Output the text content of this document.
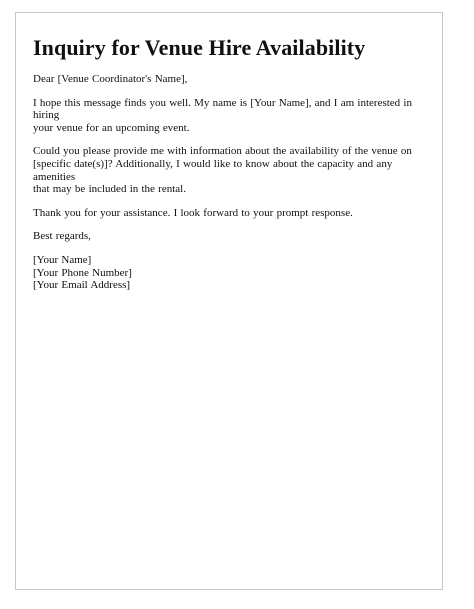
Inquiry for Venue Hire Availability

Dear [Venue Coordinator's Name],

I hope this message finds you well. My name is [Your Name], and I am interested in hiring
your venue for an upcoming event.

Could you please provide me with information about the availability of the venue on
[specific date(s)]? Additionally, I would like to know about the capacity and any amenities
that may be included in the rental.

Thank you for your assistance. I look forward to your prompt response.

Best regards,

[Your Name]
[Your Phone Number]
[Your Email Address]
